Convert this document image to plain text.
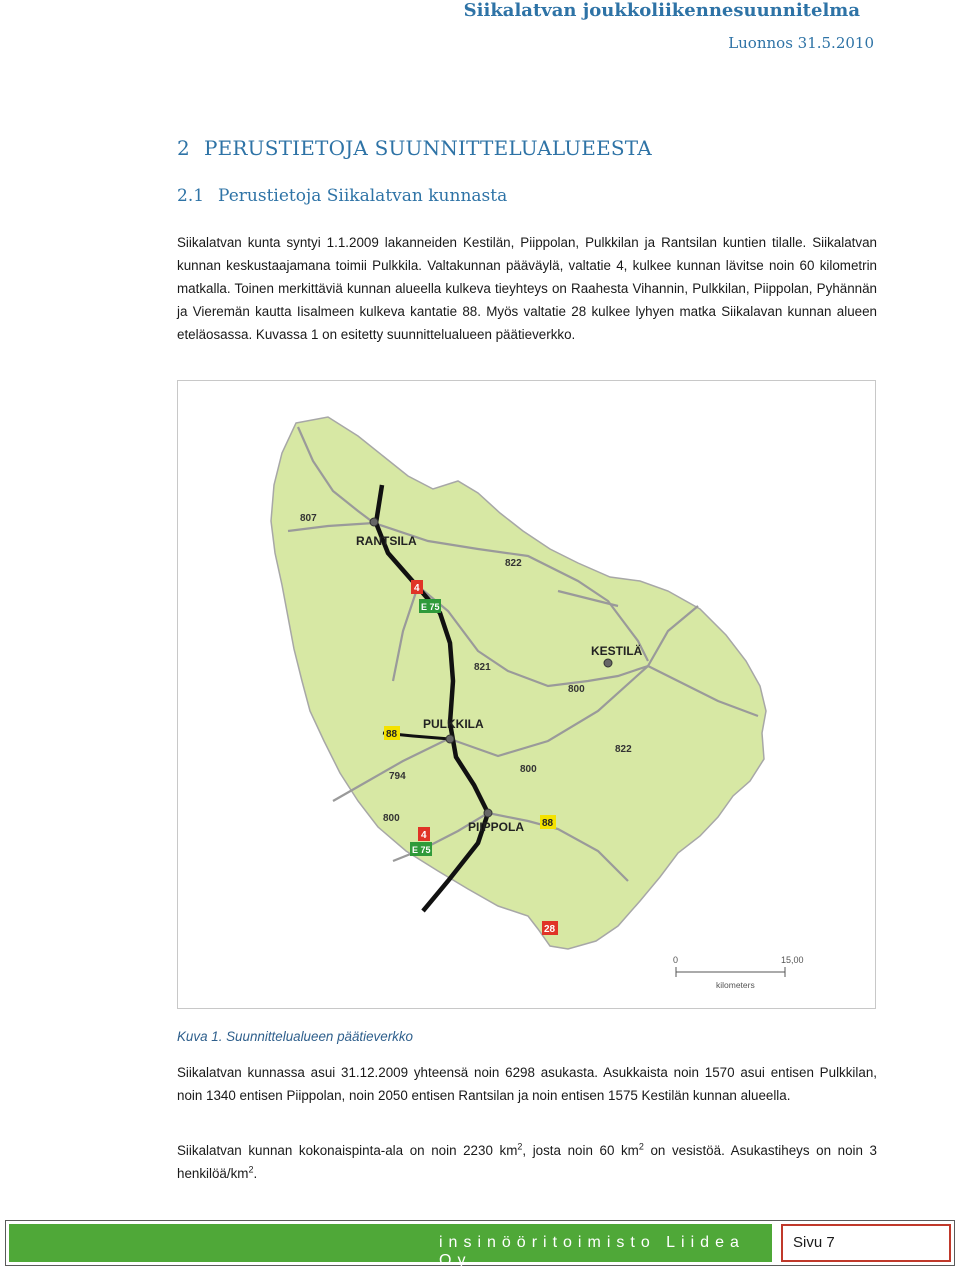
Siikalatvan joukkoliikennesuunnitelma
Luonnos 31.5.2010
2 PERUSTIETOJA SUUNNITTELUALUEESTA
2.1 Perustietoja Siikalatvan kunnasta
Siikalatvan kunta syntyi 1.1.2009 lakanneiden Kestilän, Piippolan, Pulkkilan ja Rantsilan kuntien tilalle. Siikalatvan kunnan keskustaajamana toimii Pulkkila. Valtakunnan pääväylä, valtatie 4, kulkee kunnan lävitse noin 60 kilometrin matkalla. Toinen merkittäviä kunnan alueella kulkeva tieyhteys on Raahesta Vihannin, Pulkkilan, Piippolan, Pyhännän ja Vieremän kautta Iisalmeen kulkeva kantatie 88. Myös valtatie 28 kulkee lyhyen matka Siikalavan kunnan alueen eteläosassa. Kuvassa 1 on esitetty suunnittelualueen päätieverkko.
RANTSILA
KESTILÄ
PULKKILA
PIIPPOLA
807
822
821
800
822
794
800
800
4
E 75
88
4
E 75
88
28
0	15,00
kilometers
Kuva 1. Suunnittelualueen päätieverkko
Siikalatvan kunnassa asui 31.12.2009 yhteensä noin 6298 asukasta. Asukkaista noin 1570 asui entisen Pulkkilan, noin 1340 entisen Piippolan, noin 2050 entisen Rantsilan ja noin entisen 1575 Kestilän kunnan alueella.
Siikalatvan kunnan kokonaispinta-ala on noin 2230 $km^2$, josta noin 60 $km^2$ on vesistöä. Asukastiheys on noin 3 henkilöä/$km^2$.
insinööritoimisto Liidea Oy
Sivu 7
